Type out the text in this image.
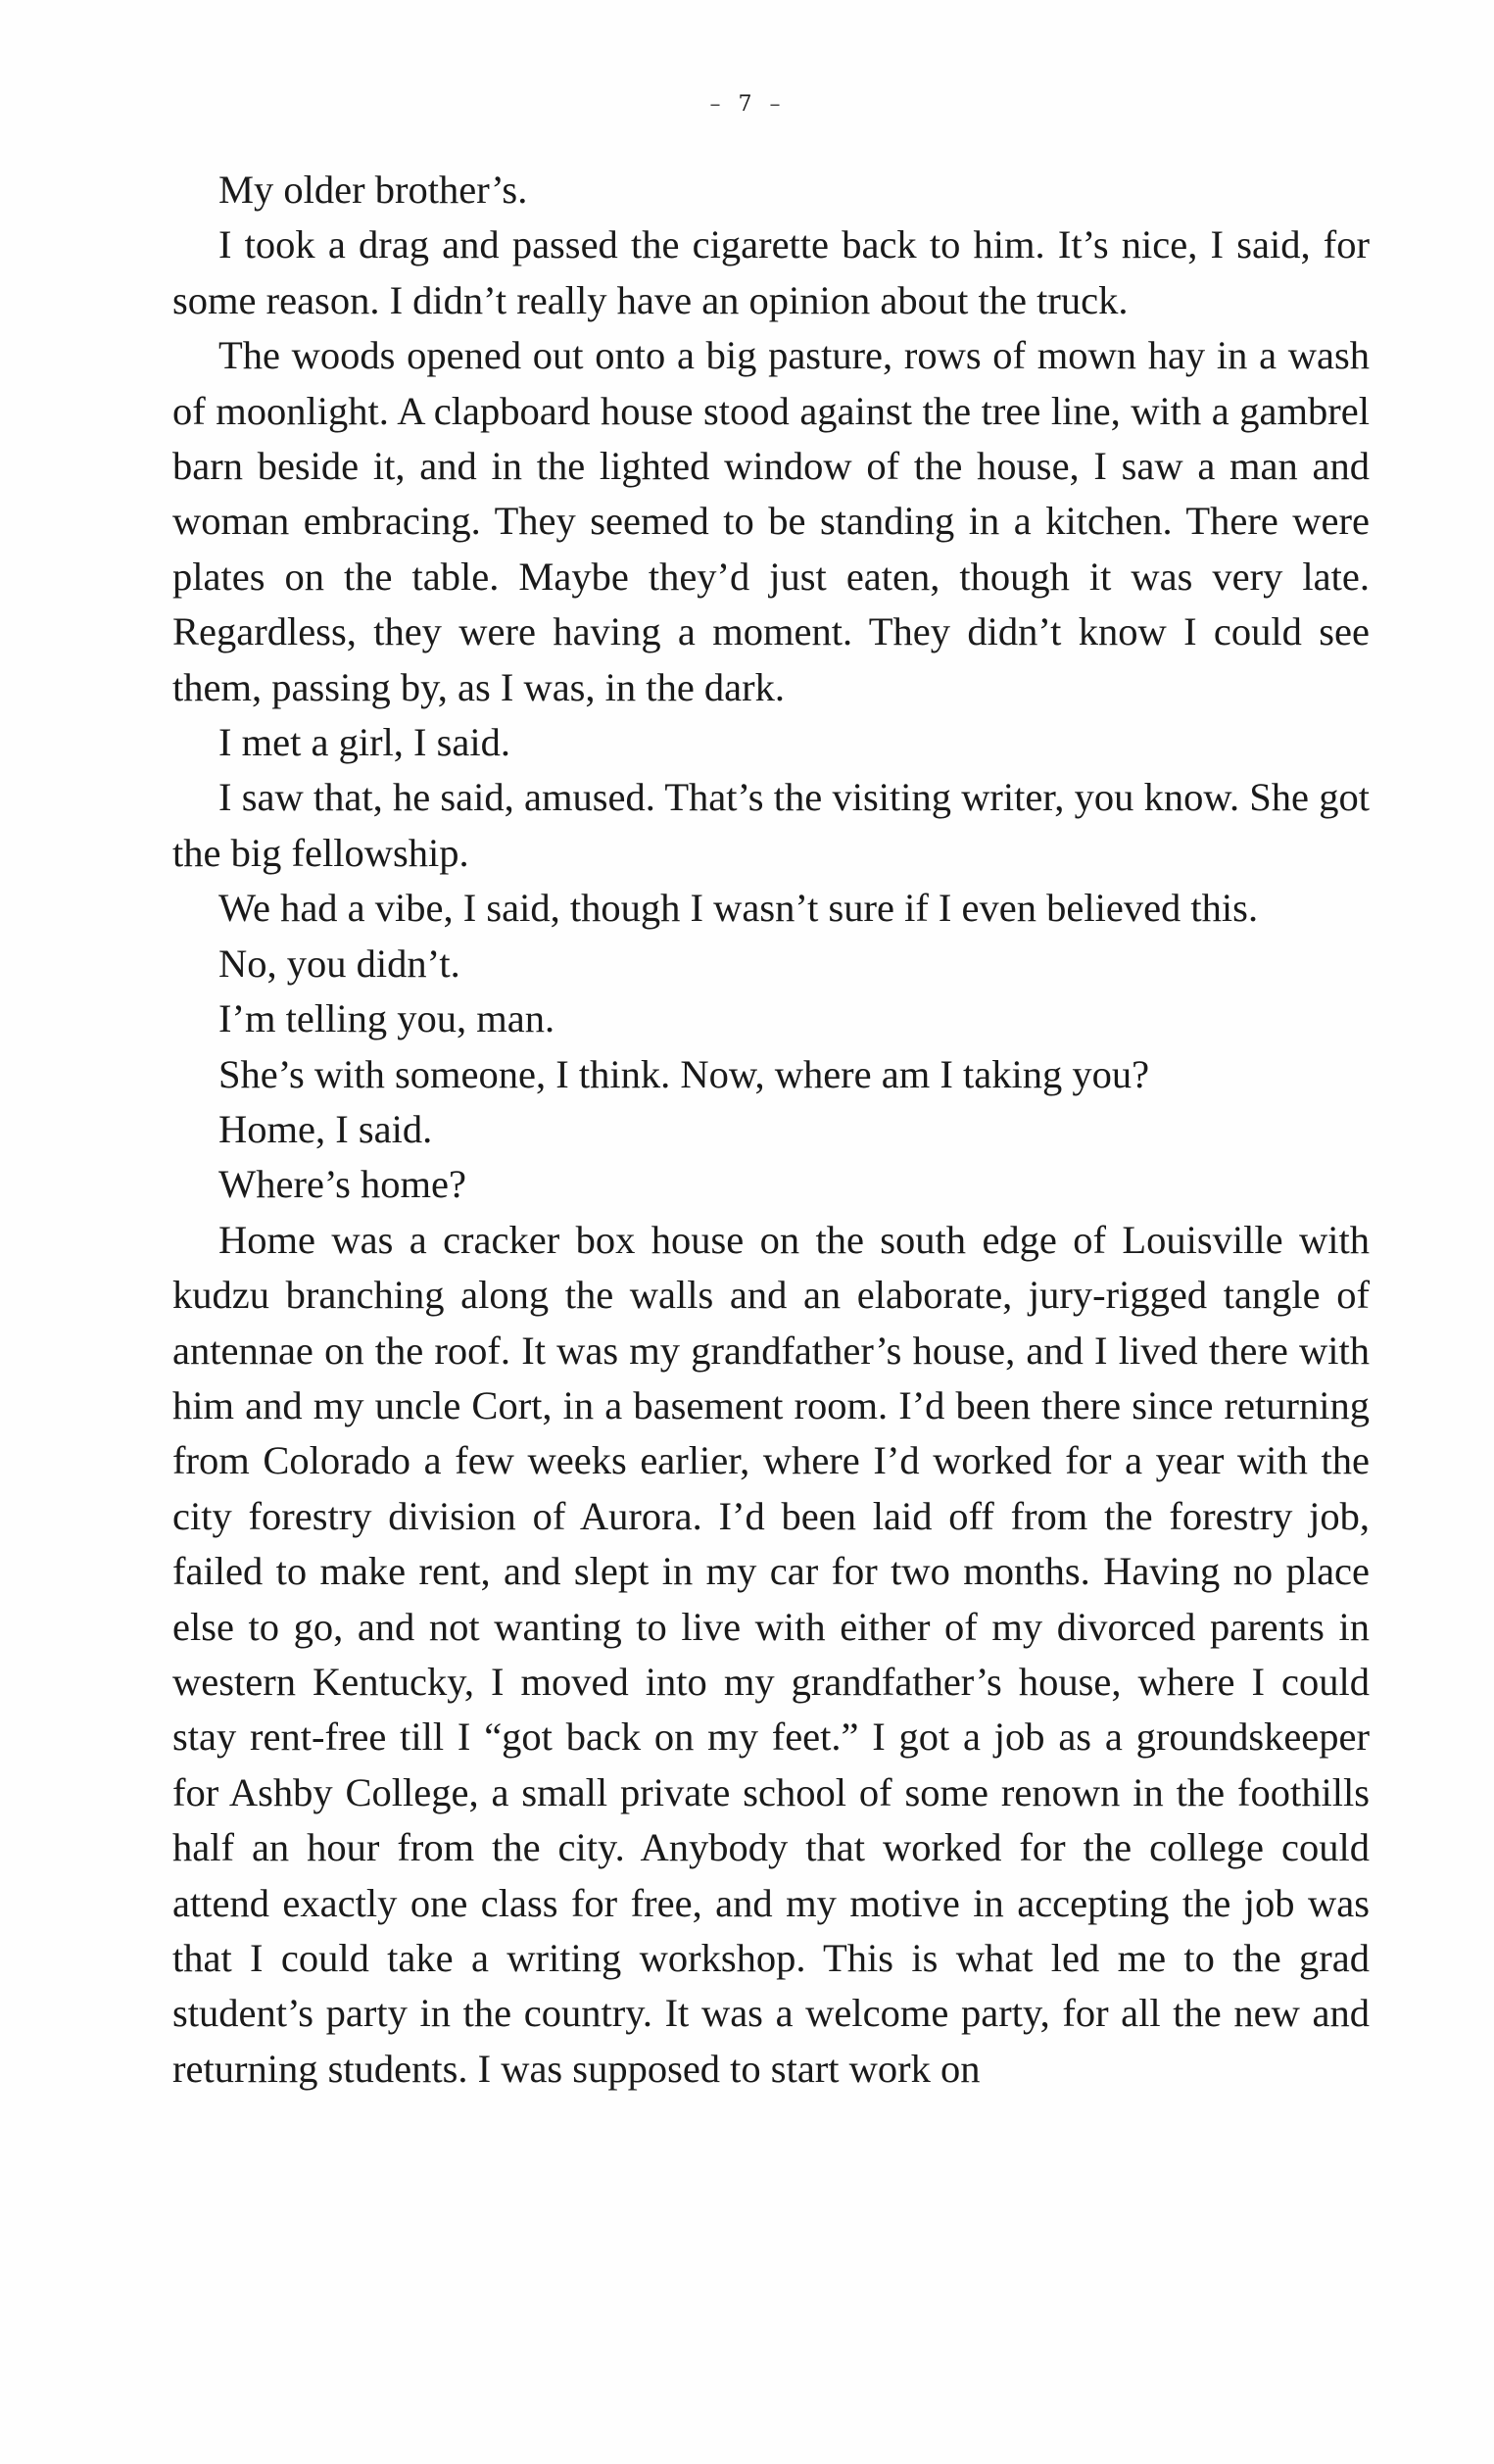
– 7 –

My older brother’s.

I took a drag and passed the cigarette back to him. It’s nice, I said, for some reason. I didn’t really have an opinion about the truck.

The woods opened out onto a big pasture, rows of mown hay in a wash of moonlight. A clapboard house stood against the tree line, with a gambrel barn beside it, and in the lighted window of the house, I saw a man and woman embracing. They seemed to be standing in a kitchen. There were plates on the table. Maybe they’d just eaten, though it was very late. Regardless, they were having a moment. They didn’t know I could see them, passing by, as I was, in the dark.

I met a girl, I said.

I saw that, he said, amused. That’s the visiting writer, you know. She got the big fellowship.

We had a vibe, I said, though I wasn’t sure if I even believed this.

No, you didn’t.

I’m telling you, man.

She’s with someone, I think. Now, where am I taking you?

Home, I said.

Where’s home?

Home was a cracker box house on the south edge of Louisville with kudzu branching along the walls and an elaborate, jury-rigged tangle of antennae on the roof. It was my grandfather’s house, and I lived there with him and my uncle Cort, in a basement room. I’d been there since returning from Colorado a few weeks earlier, where I’d worked for a year with the city forestry division of Aurora. I’d been laid off from the forestry job, failed to make rent, and slept in my car for two months. Having no place else to go, and not wanting to live with either of my divorced parents in western Kentucky, I moved into my grandfather’s house, where I could stay rent-free till I “got back on my feet.” I got a job as a groundskeeper for Ashby College, a small private school of some renown in the foothills half an hour from the city. Anybody that worked for the college could attend exactly one class for free, and my motive in accepting the job was that I could take a writing workshop. This is what led me to the grad student’s party in the country. It was a welcome party, for all the new and returning students. I was supposed to start work on
